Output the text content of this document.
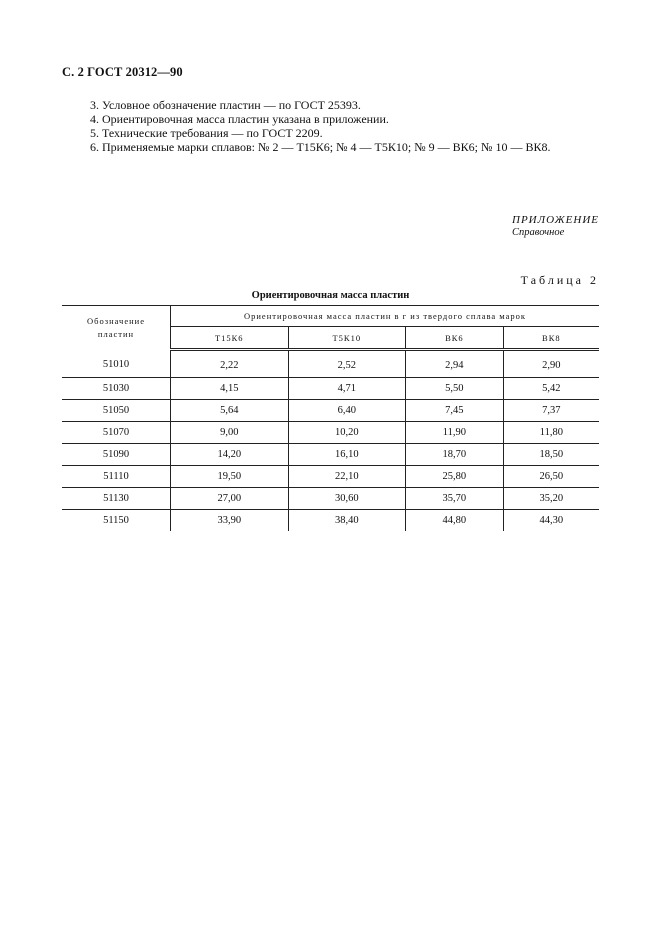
С. 2 ГОСТ 20312—90
3. Условное обозначение пластин — по ГОСТ 25393.
4. Ориентировочная масса пластин указана в приложении.
5. Технические требования — по ГОСТ 2209.
6. Применяемые марки сплавов: № 2 — Т15К6; № 4 — Т5К10; № 9 — ВК6; № 10 — ВК8.
ПРИЛОЖЕНИЕ
Справочное
Таблица 2
Ориентировочная масса пластин
Обозначение
пластин	Ориентировочная масса пластин в г из твердого сплава марок			
	Т15К6	Т5К10	ВК6	ВК8
51010	2,22	2,52	2,94	2,90
51030	4,15	4,71	5,50	5,42
51050	5,64	6,40	7,45	7,37
51070	9,00	10,20	11,90	11,80
51090	14,20	16,10	18,70	18,50
51110	19,50	22,10	25,80	26,50
51130	27,00	30,60	35,70	35,20
51150	33,90	38,40	44,80	44,30
